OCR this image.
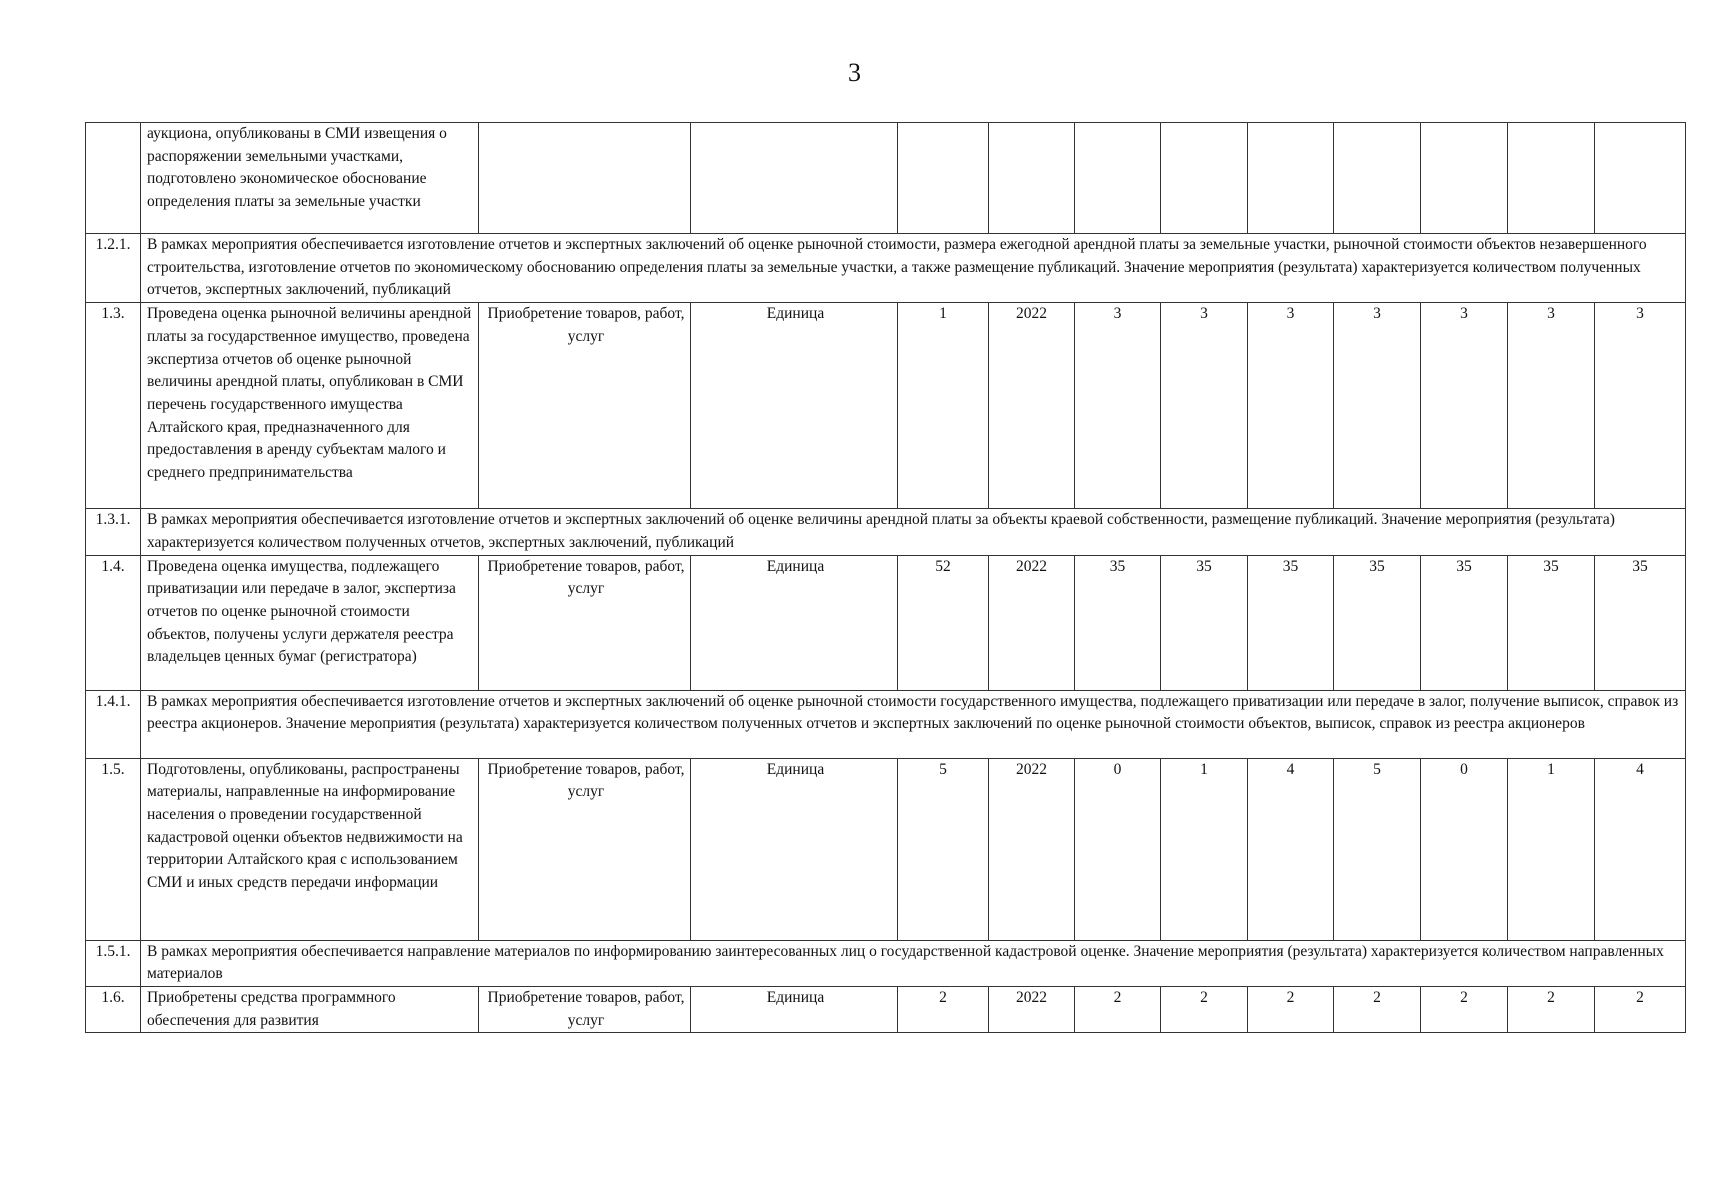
3
	аукциона, опубликованы в СМИ извещения о распоряжении земельными участками, подготовлено экономическое обоснование определения платы за земельные участки											
1.2.1.	В рамках мероприятия обеспечивается изготовление отчетов и экспертных заключений об оценке рыночной стоимости, размера ежегодной арендной платы за земельные участки, рыночной стоимости объектов незавершенного строительства, изготовление отчетов по экономическому обоснованию определения платы за земельные участки, а также размещение публикаций. Значение мероприятия (результата) характеризуется количеством полученных отчетов, экспертных заключений, публикаций											
1.3.	Проведена оценка рыночной величины арендной платы за государственное имущество, проведена экспертиза отчетов об оценке рыночной величины арендной платы, опубликован в СМИ перечень государственного имущества Алтайского края, предназначенного для предоставления в аренду субъектам малого и среднего предпринимательства	Приобретение товаров, работ, услуг	Единица	1	2022	3	3	3	3	3	3	3
1.3.1.	В рамках мероприятия обеспечивается изготовление отчетов и экспертных заключений об оценке величины арендной платы за объекты краевой собственности, размещение публикаций. Значение мероприятия (результата) характеризуется количеством полученных отчетов, экспертных заключений, публикаций											
1.4.	Проведена оценка имущества, подлежащего приватизации или передаче в залог, экспертиза отчетов по оценке рыночной стоимости объектов, получены услуги держателя реестра владельцев ценных бумаг (регистратора)	Приобретение товаров, работ, услуг	Единица	52	2022	35	35	35	35	35	35	35
1.4.1.	В рамках мероприятия обеспечивается изготовление отчетов и экспертных заключений об оценке рыночной стоимости государственного имущества, подлежащего приватизации или передаче в залог, получение выписок, справок из реестра акционеров. Значение мероприятия (результата) характеризуется количеством полученных отчетов и экспертных заключений по оценке рыночной стоимости объектов, выписок, справок из реестра акционеров											
1.5.	Подготовлены, опубликованы, распространены материалы, направленные на информирование населения о проведении государственной кадастровой оценки объектов недвижимости на территории Алтайского края с использованием СМИ и иных средств передачи информации	Приобретение товаров, работ, услуг	Единица	5	2022	0	1	4	5	0	1	4
1.5.1.	В рамках мероприятия обеспечивается направление материалов по информированию заинтересованных лиц о государственной кадастровой оценке. Значение мероприятия (результата) характеризуется количеством направленных материалов											
1.6.	Приобретены средства программного обеспечения для развития	Приобретение товаров, работ, услуг	Единица	2	2022	2	2	2	2	2	2	2
